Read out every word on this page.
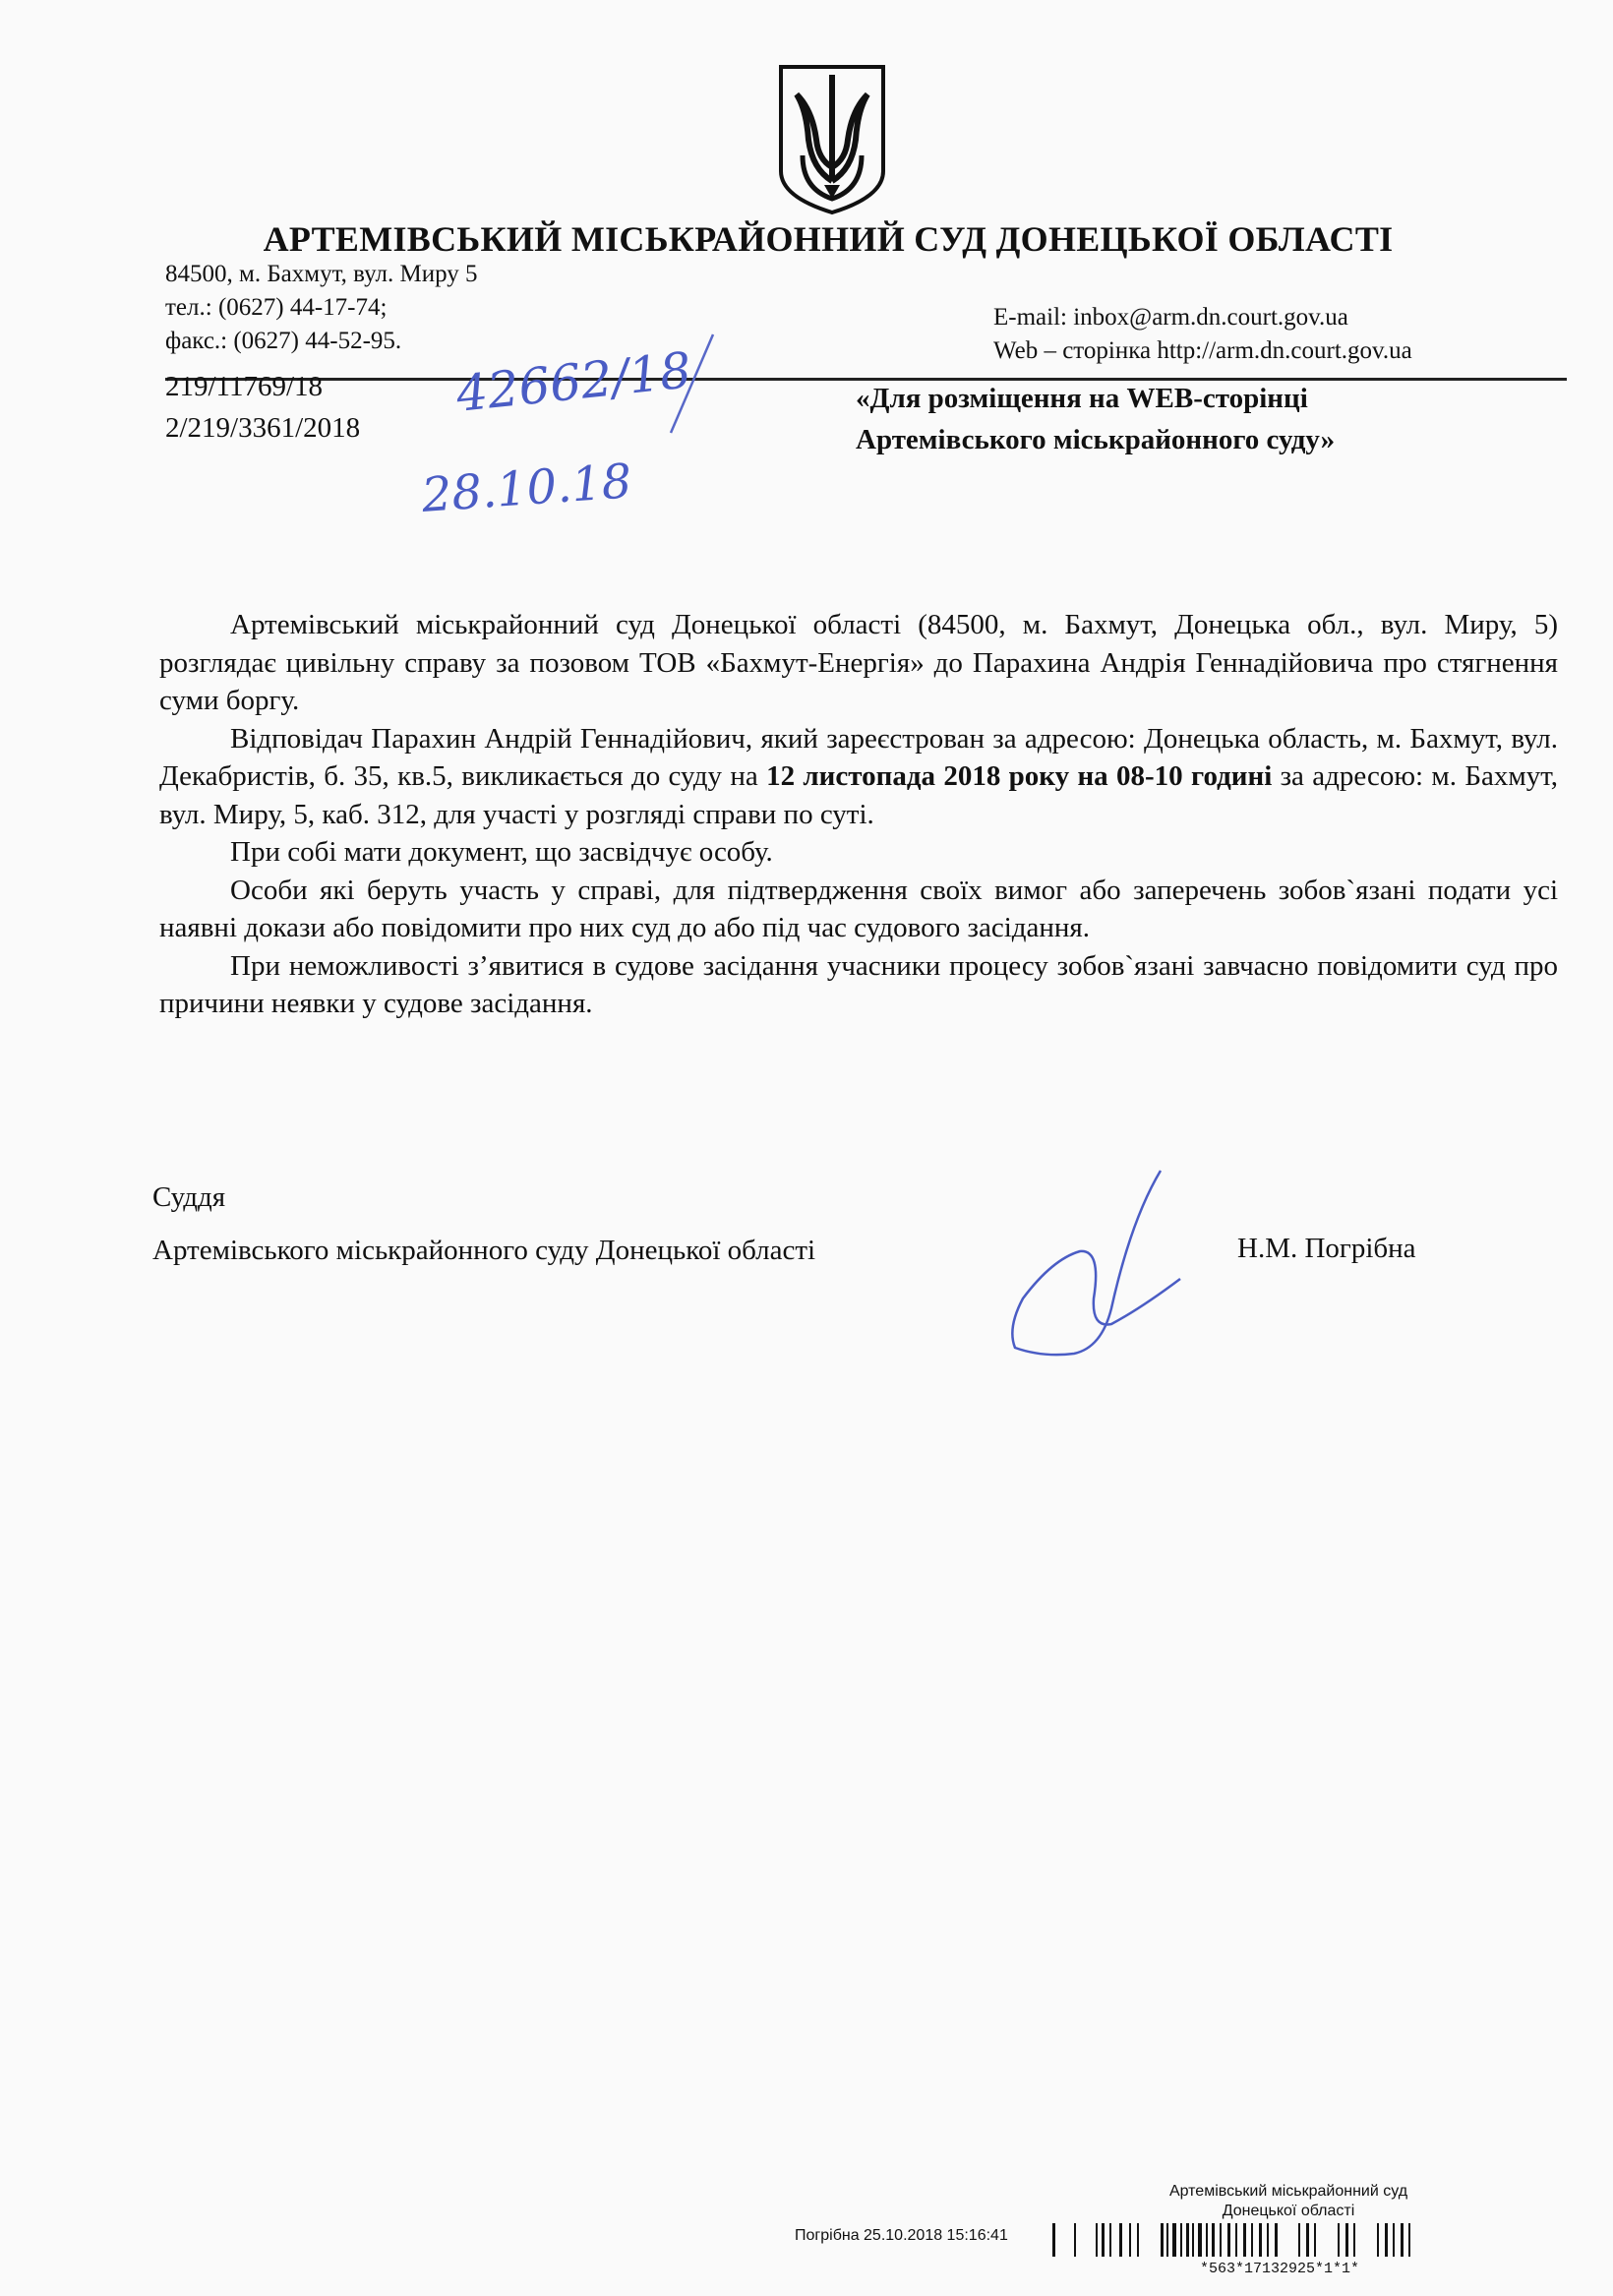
АРТЕМІВСЬКИЙ МІСЬКРАЙОННИЙ СУД ДОНЕЦЬКОЇ ОБЛАСТІ
84500, м. Бахмут, вул. Миру 5
тел.: (0627) 44-17-74;
факс.: (0627) 44-52-95.
E-mail: inbox@arm.dn.court.gov.ua
Web – сторінка http://arm.dn.court.gov.ua
219/11769/18
2/219/3361/2018
42662/18
28.10.18
«Для розміщення на WEB-сторінці
Артемівського міськрайонного суду»

Артемівський міськрайонний суд Донецької області (84500, м. Бахмут, Донецька обл., вул. Миру, 5) розглядає цивільну справу за позовом ТОВ «Бахмут-Енергія» до Парахина Андрія Геннадійовича про стягнення суми боргу.

Відповідач Парахин Андрій Геннадійович, який зареєстрован за адресою: Донецька область, м. Бахмут, вул. Декабристів, б. 35, кв.5, викликається до суду на 12 листопада 2018 року на 08-10 годині за адресою: м. Бахмут, вул. Миру, 5, каб. 312, для участі у розгляді справи по суті.

При собі мати документ, що засвідчує особу.

Особи які беруть участь у справі, для підтвердження своїх вимог або заперечень зобов`язані подати усі наявні докази або повідомити про них суд до або під час судового засідання.

При неможливості з’явитися в судове засідання учасники процесу зобов`язані завчасно повідомити суд про причини неявки у судове засідання.

Суддя
Артемівського міськрайонного суду Донецької області	Н.М. Погрібна
Артемівський міськрайонний суд
Донецької області
Погрібна 25.10.2018 15:16:41
*563*17132925*1*1*
